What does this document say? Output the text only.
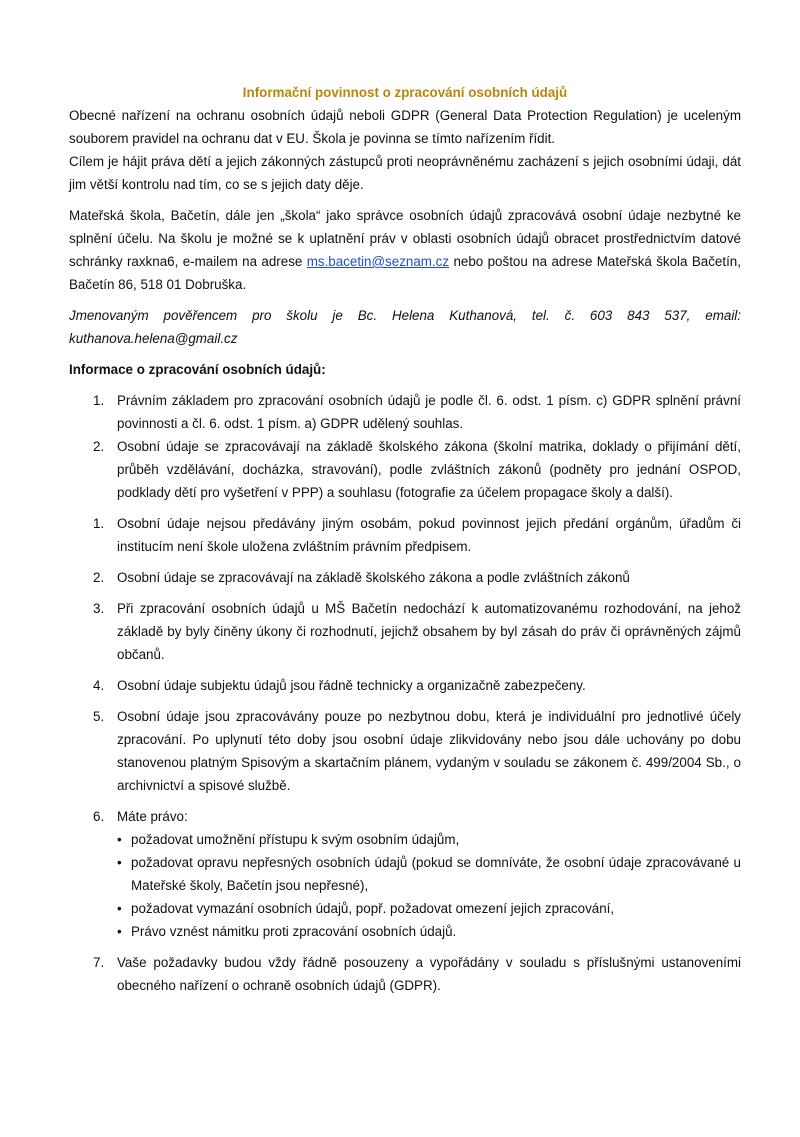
Informační povinnost o zpracování osobních údajů

Obecné nařízení na ochranu osobních údajů neboli GDPR (General Data Protection Regulation) je uceleným souborem pravidel na ochranu dat v EU. Škola je povinna se tímto nařízením řídit.

Cílem je hájit práva dětí a jejich zákonných zástupců proti neoprávněnému zacházení s jejich osobními údaji, dát jim větší kontrolu nad tím, co se s jejich daty děje.

Mateřská škola, Bačetín, dále jen „škola“ jako správce osobních údajů zpracovává osobní údaje nezbytné ke splnění účelu. Na školu je možné se k uplatnění práv v oblasti osobních údajů obracet prostřednictvím datové schránky raxkna6, e-mailem na adrese ms.bacetin@seznam.cz nebo poštou na adrese Mateřská škola Bačetín, Bačetín 86, 518 01 Dobruška.

Jmenovaným pověřencem pro školu je Bc. Helena Kuthanová, tel. č. 603 843 537, email: kuthanova.helena@gmail.cz

Informace o zpracování osobních údajů:

1. Právním základem pro zpracování osobních údajů je podle čl. 6. odst. 1 písm. c) GDPR splnění právní povinnosti a čl. 6. odst. 1 písm. a) GDPR udělený souhlas.
2. Osobní údaje se zpracovávají na základě školského zákona (školní matrika, doklady o přijímání dětí, průběh vzdělávání, docházka, stravování), podle zvláštních zákonů (podněty pro jednání OSPOD, podklady dětí pro vyšetření v PPP) a souhlasu (fotografie za účelem propagace školy a další).
1. Osobní údaje nejsou předávány jiným osobám, pokud povinnost jejich předání orgánům, úřadům či institucím není škole uložena zvláštním právním předpisem.
2. Osobní údaje se zpracovávají na základě školského zákona a podle zvláštních zákonů
3. Při zpracování osobních údajů u MŠ Bačetín nedochází k automatizovanému rozhodování, na jehož základě by byly činěny úkony či rozhodnutí, jejichž obsahem by byl zásah do práv či oprávněných zájmů občanů.
4. Osobní údaje subjektu údajů jsou řádně technicky a organizačně zabezpečeny.
5. Osobní údaje jsou zpracovávány pouze po nezbytnou dobu, která je individuální pro jednotlivé účely zpracování. Po uplynutí této doby jsou osobní údaje zlikvidovány nebo jsou dále uchovány po dobu stanovenou platným Spisovým a skartačním plánem, vydaným v souladu se zákonem č. 499/2004 Sb., o archivnictví a spisové službě.
6. Máte právo:
• požadovat umožnění přístupu k svým osobním údajům,
• požadovat opravu nepřesných osobních údajů (pokud se domníváte, že osobní údaje zpracovávané u Mateřské školy, Bačetín jsou nepřesné),
• požadovat vymazání osobních údajů, popř. požadovat omezení jejich zpracování,
• Právo vznést námitku proti zpracování osobních údajů.
7. Vaše požadavky budou vždy řádně posouzeny a vypořádány v souladu s příslušnými ustanoveními obecného nařízení o ochraně osobních údajů (GDPR).
